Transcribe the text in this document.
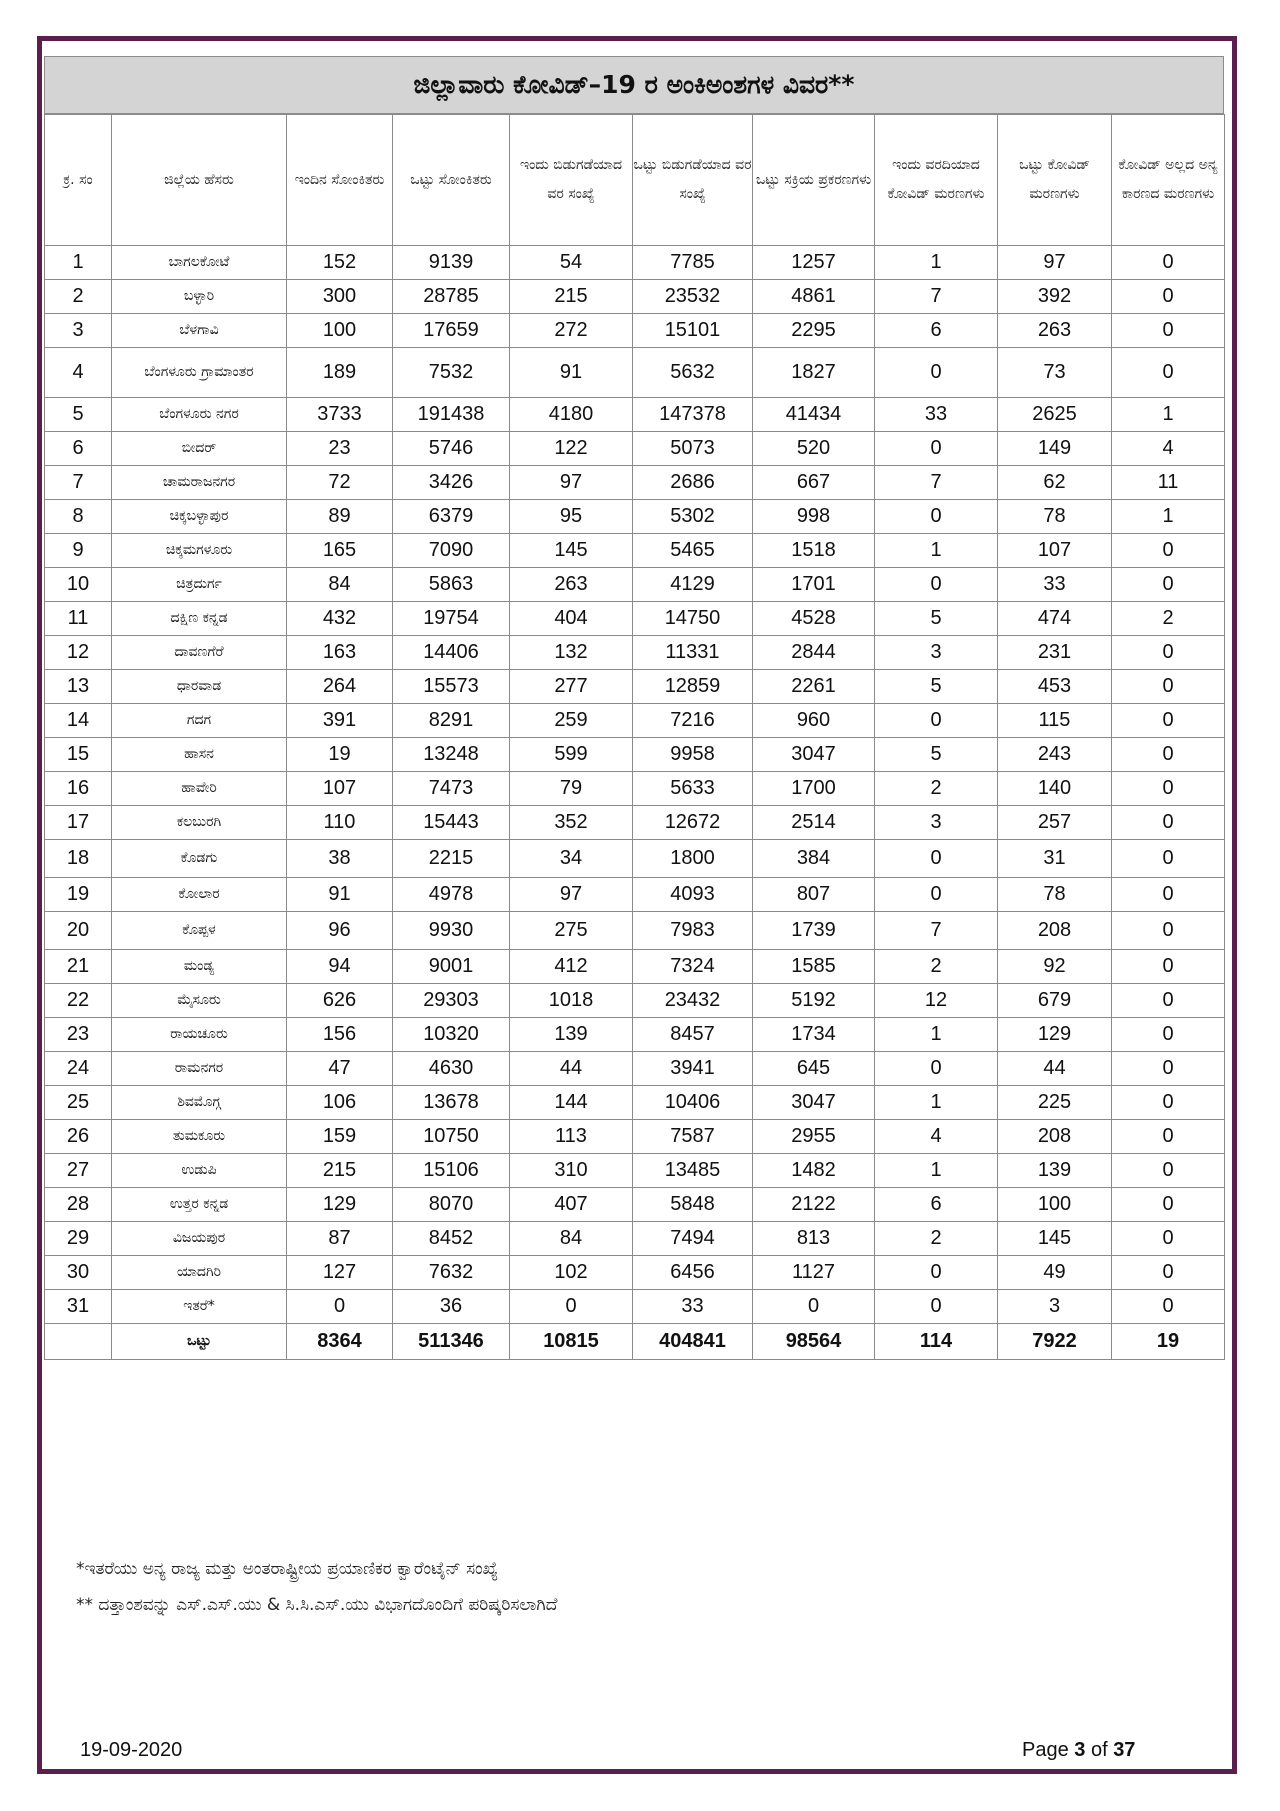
ಜಿಲ್ಲಾವಾರು ಕೋವಿಡ್–19 ರ ಅಂಕಿಅಂಶಗಳ ವಿವರ**
ಕ್ರ. ಸಂ	ಜಿಲ್ಲೆಯ ಹೆಸರು	ಇಂದಿನ ಸೋಂಕಿತರು	ಒಟ್ಟು ಸೋಂಕಿತರು	ಇಂದು ಬಿಡುಗಡೆಯಾದ ವರ ಸಂಖ್ಯೆ	ಒಟ್ಟು ಬಿಡುಗಡೆಯಾದ ವರ ಸಂಖ್ಯೆ	ಒಟ್ಟು ಸಕ್ರಿಯ ಪ್ರಕರಣಗಳು	ಇಂದು ವರದಿಯಾದ ಕೋವಿಡ್ ಮರಣಗಳು	ಒಟ್ಟು ಕೋವಿಡ್ ಮರಣಗಳು	ಕೋವಿಡ್ ಅಲ್ಲದ ಅನ್ಯ ಕಾರಣದ ಮರಣಗಳು
1	ಬಾಗಲಕೋಟೆ	152	9139	54	7785	1257	1	97	0
2	ಬಳ್ಳಾರಿ	300	28785	215	23532	4861	7	392	0
3	ಬೆಳಗಾವಿ	100	17659	272	15101	2295	6	263	0
4	ಬೆಂಗಳೂರು ಗ್ರಾಮಾಂತರ	189	7532	91	5632	1827	0	73	0
5	ಬೆಂಗಳೂರು ನಗರ	3733	191438	4180	147378	41434	33	2625	1
6	ಬೀದರ್	23	5746	122	5073	520	0	149	4
7	ಚಾಮರಾಜನಗರ	72	3426	97	2686	667	7	62	11
8	ಚಿಕ್ಕಬಳ್ಳಾಪುರ	89	6379	95	5302	998	0	78	1
9	ಚಿಕ್ಕಮಗಳೂರು	165	7090	145	5465	1518	1	107	0
10	ಚಿತ್ರದುರ್ಗ	84	5863	263	4129	1701	0	33	0
11	ದಕ್ಷಿಣ ಕನ್ನಡ	432	19754	404	14750	4528	5	474	2
12	ದಾವಣಗೆರೆ	163	14406	132	11331	2844	3	231	0
13	ಧಾರವಾಡ	264	15573	277	12859	2261	5	453	0
14	ಗದಗ	391	8291	259	7216	960	0	115	0
15	ಹಾಸನ	19	13248	599	9958	3047	5	243	0
16	ಹಾವೇರಿ	107	7473	79	5633	1700	2	140	0
17	ಕಲಬುರಗಿ	110	15443	352	12672	2514	3	257	0
18	ಕೊಡಗು	38	2215	34	1800	384	0	31	0
19	ಕೋಲಾರ	91	4978	97	4093	807	0	78	0
20	ಕೊಪ್ಪಳ	96	9930	275	7983	1739	7	208	0
21	ಮಂಡ್ಯ	94	9001	412	7324	1585	2	92	0
22	ಮೈಸೂರು	626	29303	1018	23432	5192	12	679	0
23	ರಾಯಚೂರು	156	10320	139	8457	1734	1	129	0
24	ರಾಮನಗರ	47	4630	44	3941	645	0	44	0
25	ಶಿವಮೊಗ್ಗ	106	13678	144	10406	3047	1	225	0
26	ತುಮಕೂರು	159	10750	113	7587	2955	4	208	0
27	ಉಡುಪಿ	215	15106	310	13485	1482	1	139	0
28	ಉತ್ತರ ಕನ್ನಡ	129	8070	407	5848	2122	6	100	0
29	ವಿಜಯಪುರ	87	8452	84	7494	813	2	145	0
30	ಯಾದಗಿರಿ	127	7632	102	6456	1127	0	49	0
31	ಇತರೆ*	0	36	0	33	0	0	3	0
	ಒಟ್ಟು	8364	511346	10815	404841	98564	114	7922	19
*ಇತರೆಯು ಅನ್ಯ ರಾಜ್ಯ ಮತ್ತು ಅಂತರಾಷ್ಟ್ರೀಯ ಪ್ರಯಾಣಿಕರ ಕ್ವಾರೆಂಟೈನ್ ಸಂಖ್ಯೆ
** ದತ್ತಾಂಶವನ್ನು ಎಸ್.ಎಸ್.ಯು & ಸಿ.ಸಿ.ಎಸ್.ಯು ವಿಭಾಗದೊಂದಿಗೆ ಪರಿಷ್ಕರಿಸಲಾಗಿದೆ
19-09-2020	Page 3 of 37
